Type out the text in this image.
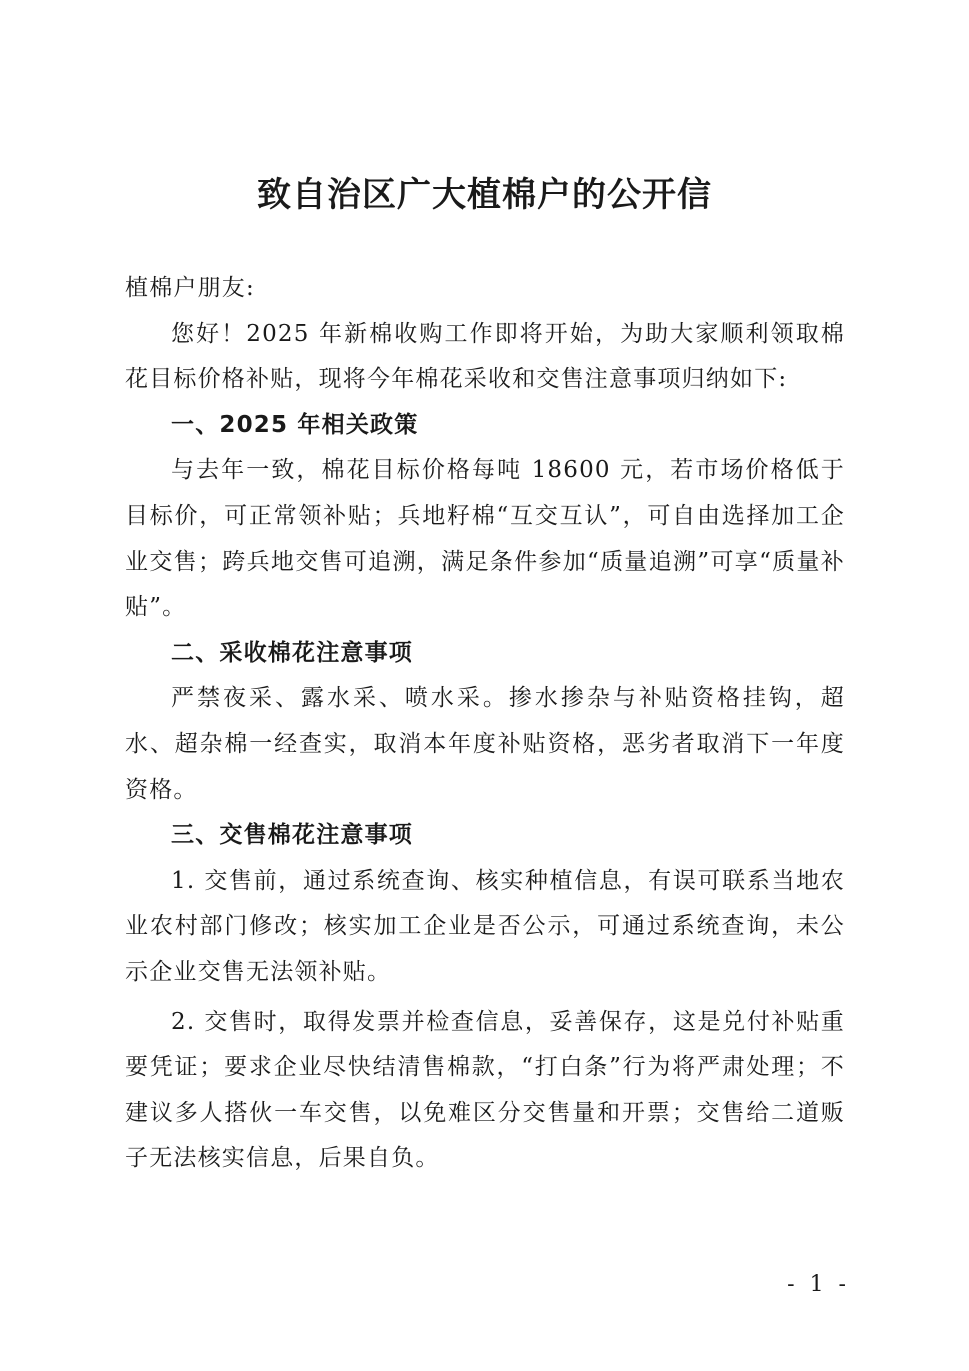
致自治区广大植棉户的公开信

植棉户朋友:

您好！2025 年新棉收购工作即将开始，为助大家顺利领取棉花目标价格补贴，现将今年棉花采收和交售注意事项归纳如下:

一、2025 年相关政策

与去年一致，棉花目标价格每吨 18600 元，若市场价格低于目标价，可正常领补贴；兵地籽棉“互交互认”，可自由选择加工企业交售；跨兵地交售可追溯，满足条件参加“质量追溯”可享“质量补贴”。

二、采收棉花注意事项

严禁夜采、露水采、喷水采。掺水掺杂与补贴资格挂钩，超水、超杂棉一经查实，取消本年度补贴资格，恶劣者取消下一年度资格。

三、交售棉花注意事项

1. 交售前，通过系统查询、核实种植信息，有误可联系当地农业农村部门修改；核实加工企业是否公示，可通过系统查询，未公示企业交售无法领补贴。

2. 交售时，取得发票并检查信息，妥善保存，这是兑付补贴重要凭证；要求企业尽快结清售棉款，“打白条”行为将严肃处理；不建议多人搭伙一车交售，以免难区分交售量和开票；交售给二道贩子无法核实信息，后果自负。

- 1 -
